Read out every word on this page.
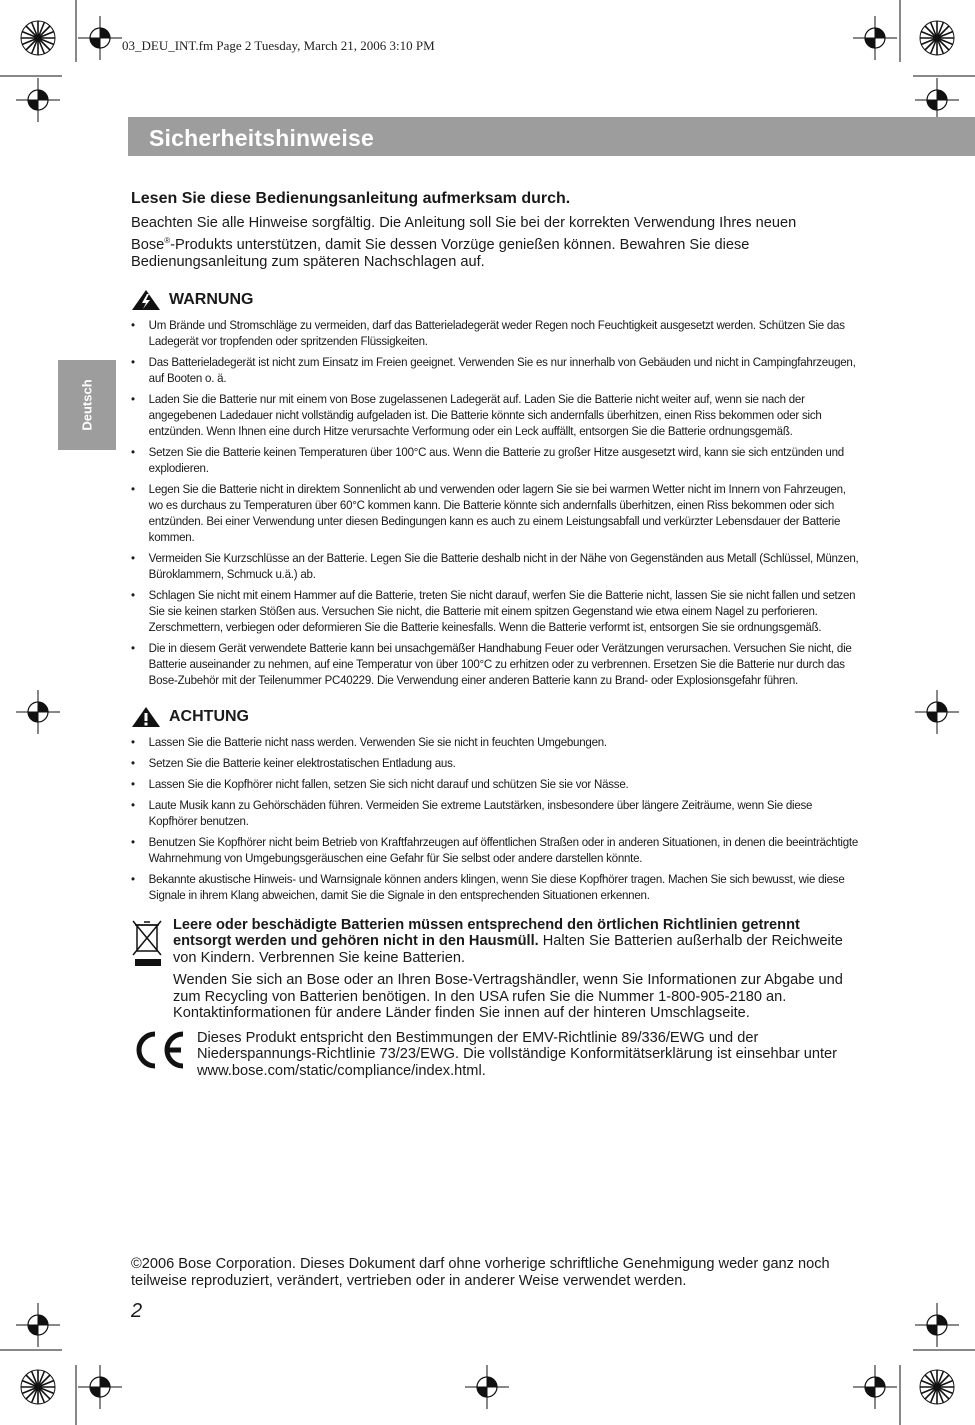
03_DEU_INT.fm Page 2 Tuesday, March 21, 2006 3:10 PM
Sicherheitshinweise
Deutsch
Lesen Sie diese Bedienungsanleitung aufmerksam durch.

Beachten Sie alle Hinweise sorgfältig. Die Anleitung soll Sie bei der korrekten Verwendung Ihres neuen Bose®-Produkts unterstützen, damit Sie dessen Vorzüge genießen können. Bewahren Sie diese Bedienungsanleitung zum späteren Nachschlagen auf.

WARNUNG
• Um Brände und Stromschläge zu vermeiden, darf das Batterieladegerät weder Regen noch Feuchtigkeit ausgesetzt werden. Schützen Sie das Ladegerät vor tropfenden oder spritzenden Flüssigkeiten.
• Das Batterieladegerät ist nicht zum Einsatz im Freien geeignet. Verwenden Sie es nur innerhalb von Gebäuden und nicht in Campingfahrzeugen, auf Booten o. ä.
• Laden Sie die Batterie nur mit einem von Bose zugelassenen Ladegerät auf. Laden Sie die Batterie nicht weiter auf, wenn sie nach der angegebenen Ladedauer nicht vollständig aufgeladen ist. Die Batterie könnte sich andernfalls überhitzen, einen Riss bekommen oder sich entzünden. Wenn Ihnen eine durch Hitze verursachte Verformung oder ein Leck auffällt, entsorgen Sie die Batterie ordnungsgemäß.
• Setzen Sie die Batterie keinen Temperaturen über 100°C aus. Wenn die Batterie zu großer Hitze ausgesetzt wird, kann sie sich entzünden und explodieren.
• Legen Sie die Batterie nicht in direktem Sonnenlicht ab und verwenden oder lagern Sie sie bei warmen Wetter nicht im Innern von Fahrzeugen, wo es durchaus zu Temperaturen über 60°C kommen kann. Die Batterie könnte sich andernfalls überhitzen, einen Riss bekommen oder sich entzünden. Bei einer Verwendung unter diesen Bedingungen kann es auch zu einem Leistungsabfall und verkürzter Lebensdauer der Batterie kommen.
• Vermeiden Sie Kurzschlüsse an der Batterie. Legen Sie die Batterie deshalb nicht in der Nähe von Gegenständen aus Metall (Schlüssel, Münzen, Büroklammern, Schmuck u.ä.) ab.
• Schlagen Sie nicht mit einem Hammer auf die Batterie, treten Sie nicht darauf, werfen Sie die Batterie nicht, lassen Sie sie nicht fallen und setzen Sie sie keinen starken Stößen aus. Versuchen Sie nicht, die Batterie mit einem spitzen Gegenstand wie etwa einem Nagel zu perforieren. Zerschmettern, verbiegen oder deformieren Sie die Batterie keinesfalls. Wenn die Batterie verformt ist, entsorgen Sie sie ordnungsgemäß.
• Die in diesem Gerät verwendete Batterie kann bei unsachgemäßer Handhabung Feuer oder Verätzungen verursachen. Versuchen Sie nicht, die Batterie auseinander zu nehmen, auf eine Temperatur von über 100°C zu erhitzen oder zu verbrennen. Ersetzen Sie die Batterie nur durch das Bose-Zubehör mit der Teilenummer PC40229. Die Verwendung einer anderen Batterie kann zu Brand- oder Explosionsgefahr führen.
ACHTUNG
• Lassen Sie die Batterie nicht nass werden. Verwenden Sie sie nicht in feuchten Umgebungen.
• Setzen Sie die Batterie keiner elektrostatischen Entladung aus.
• Lassen Sie die Kopfhörer nicht fallen, setzen Sie sich nicht darauf und schützen Sie sie vor Nässe.
• Laute Musik kann zu Gehörschäden führen. Vermeiden Sie extreme Lautstärken, insbesondere über längere Zeiträume, wenn Sie diese Kopfhörer benutzen.
• Benutzen Sie Kopfhörer nicht beim Betrieb von Kraftfahrzeugen auf öffentlichen Straßen oder in anderen Situationen, in denen die beeinträchtigte Wahrnehmung von Umgebungsgeräuschen eine Gefahr für Sie selbst oder andere darstellen könnte.
• Bekannte akustische Hinweis- und Warnsignale können anders klingen, wenn Sie diese Kopfhörer tragen. Machen Sie sich bewusst, wie diese Signale in ihrem Klang abweichen, damit Sie die Signale in den entsprechenden Situationen erkennen.

Leere oder beschädigte Batterien müssen entsprechend den örtlichen Richtlinien getrennt entsorgt werden und gehören nicht in den Hausmüll. Halten Sie Batterien außerhalb der Reichweite von Kindern. Verbrennen Sie keine Batterien.

Wenden Sie sich an Bose oder an Ihren Bose-Vertragshändler, wenn Sie Informationen zur Abgabe und zum Recycling von Batterien benötigen. In den USA rufen Sie die Nummer 1-800-905-2180 an. Kontaktinformationen für andere Länder finden Sie innen auf der hinteren Umschlagseite.

Dieses Produkt entspricht den Bestimmungen der EMV-Richtlinie 89/336/EWG und der Niederspannungs-Richtlinie 73/23/EWG. Die vollständige Konformitätserklärung ist einsehbar unter www.bose.com/static/compliance/index.html.

©2006 Bose Corporation. Dieses Dokument darf ohne vorherige schriftliche Genehmigung weder ganz noch teilweise reproduziert, verändert, vertrieben oder in anderer Weise verwendet werden.

2
